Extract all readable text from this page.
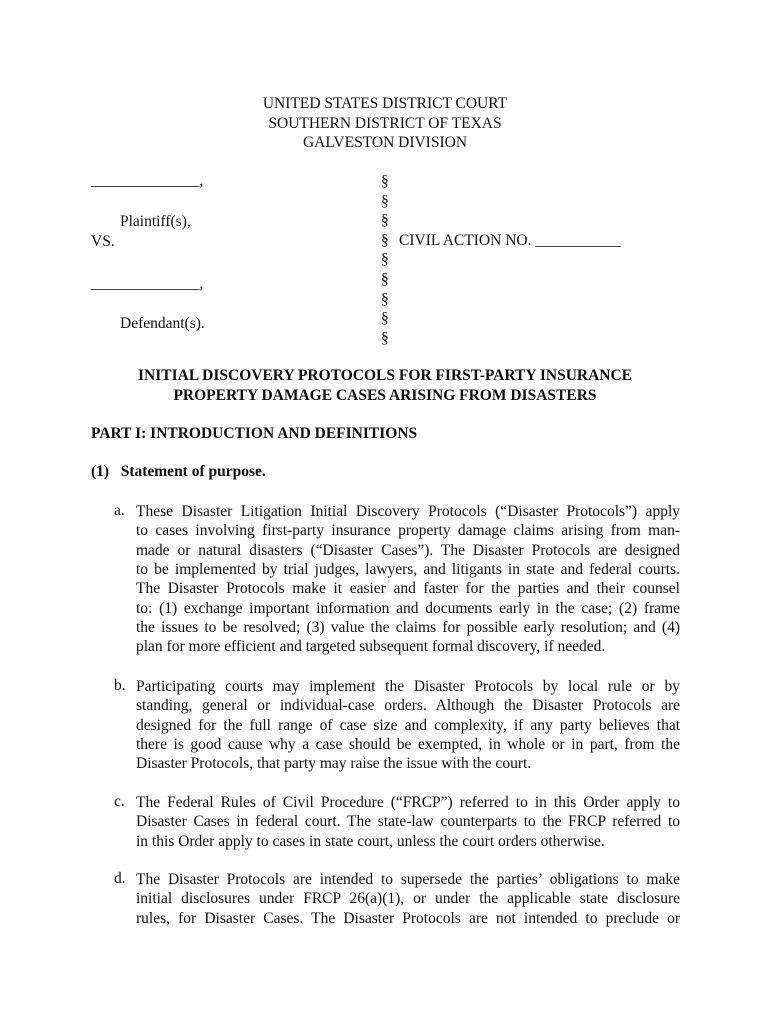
UNITED STATES DISTRICT COURT
SOUTHERN DISTRICT OF TEXAS
GALVESTON DIVISION
______________,
Plaintiff(s),
VS.
______________,
Defendant(s).
§
§
§
§
§
§
§
§
§
CIVIL ACTION NO. ___________
INITIAL DISCOVERY PROTOCOLS FOR FIRST-PARTY INSURANCE
PROPERTY DAMAGE CASES ARISING FROM DISASTERS
PART I: INTRODUCTION AND DEFINITIONS
(1)   Statement of purpose.
a. These Disaster Litigation Initial Discovery Protocols (“Disaster Protocols”) apply
to cases involving first-party insurance property damage claims arising from man-
made or natural disasters (“Disaster Cases”). The Disaster Protocols are designed
to be implemented by trial judges, lawyers, and litigants in state and federal courts.
The Disaster Protocols make it easier and faster for the parties and their counsel
to: (1) exchange important information and documents early in the case; (2) frame
the issues to be resolved; (3) value the claims for possible early resolution; and (4)
plan for more efficient and targeted subsequent formal discovery, if needed.
b. Participating courts may implement the Disaster Protocols by local rule or by
standing, general or individual-case orders. Although the Disaster Protocols are
designed for the full range of case size and complexity, if any party believes that
there is good cause why a case should be exempted, in whole or in part, from the
Disaster Protocols, that party may raise the issue with the court.
c. The Federal Rules of Civil Procedure (“FRCP”) referred to in this Order apply to
Disaster Cases in federal court. The state-law counterparts to the FRCP referred to
in this Order apply to cases in state court, unless the court orders otherwise.
d. The Disaster Protocols are intended to supersede the parties’ obligations to make
initial disclosures under FRCP 26(a)(1), or under the applicable state disclosure
rules, for Disaster Cases. The Disaster Protocols are not intended to preclude or
